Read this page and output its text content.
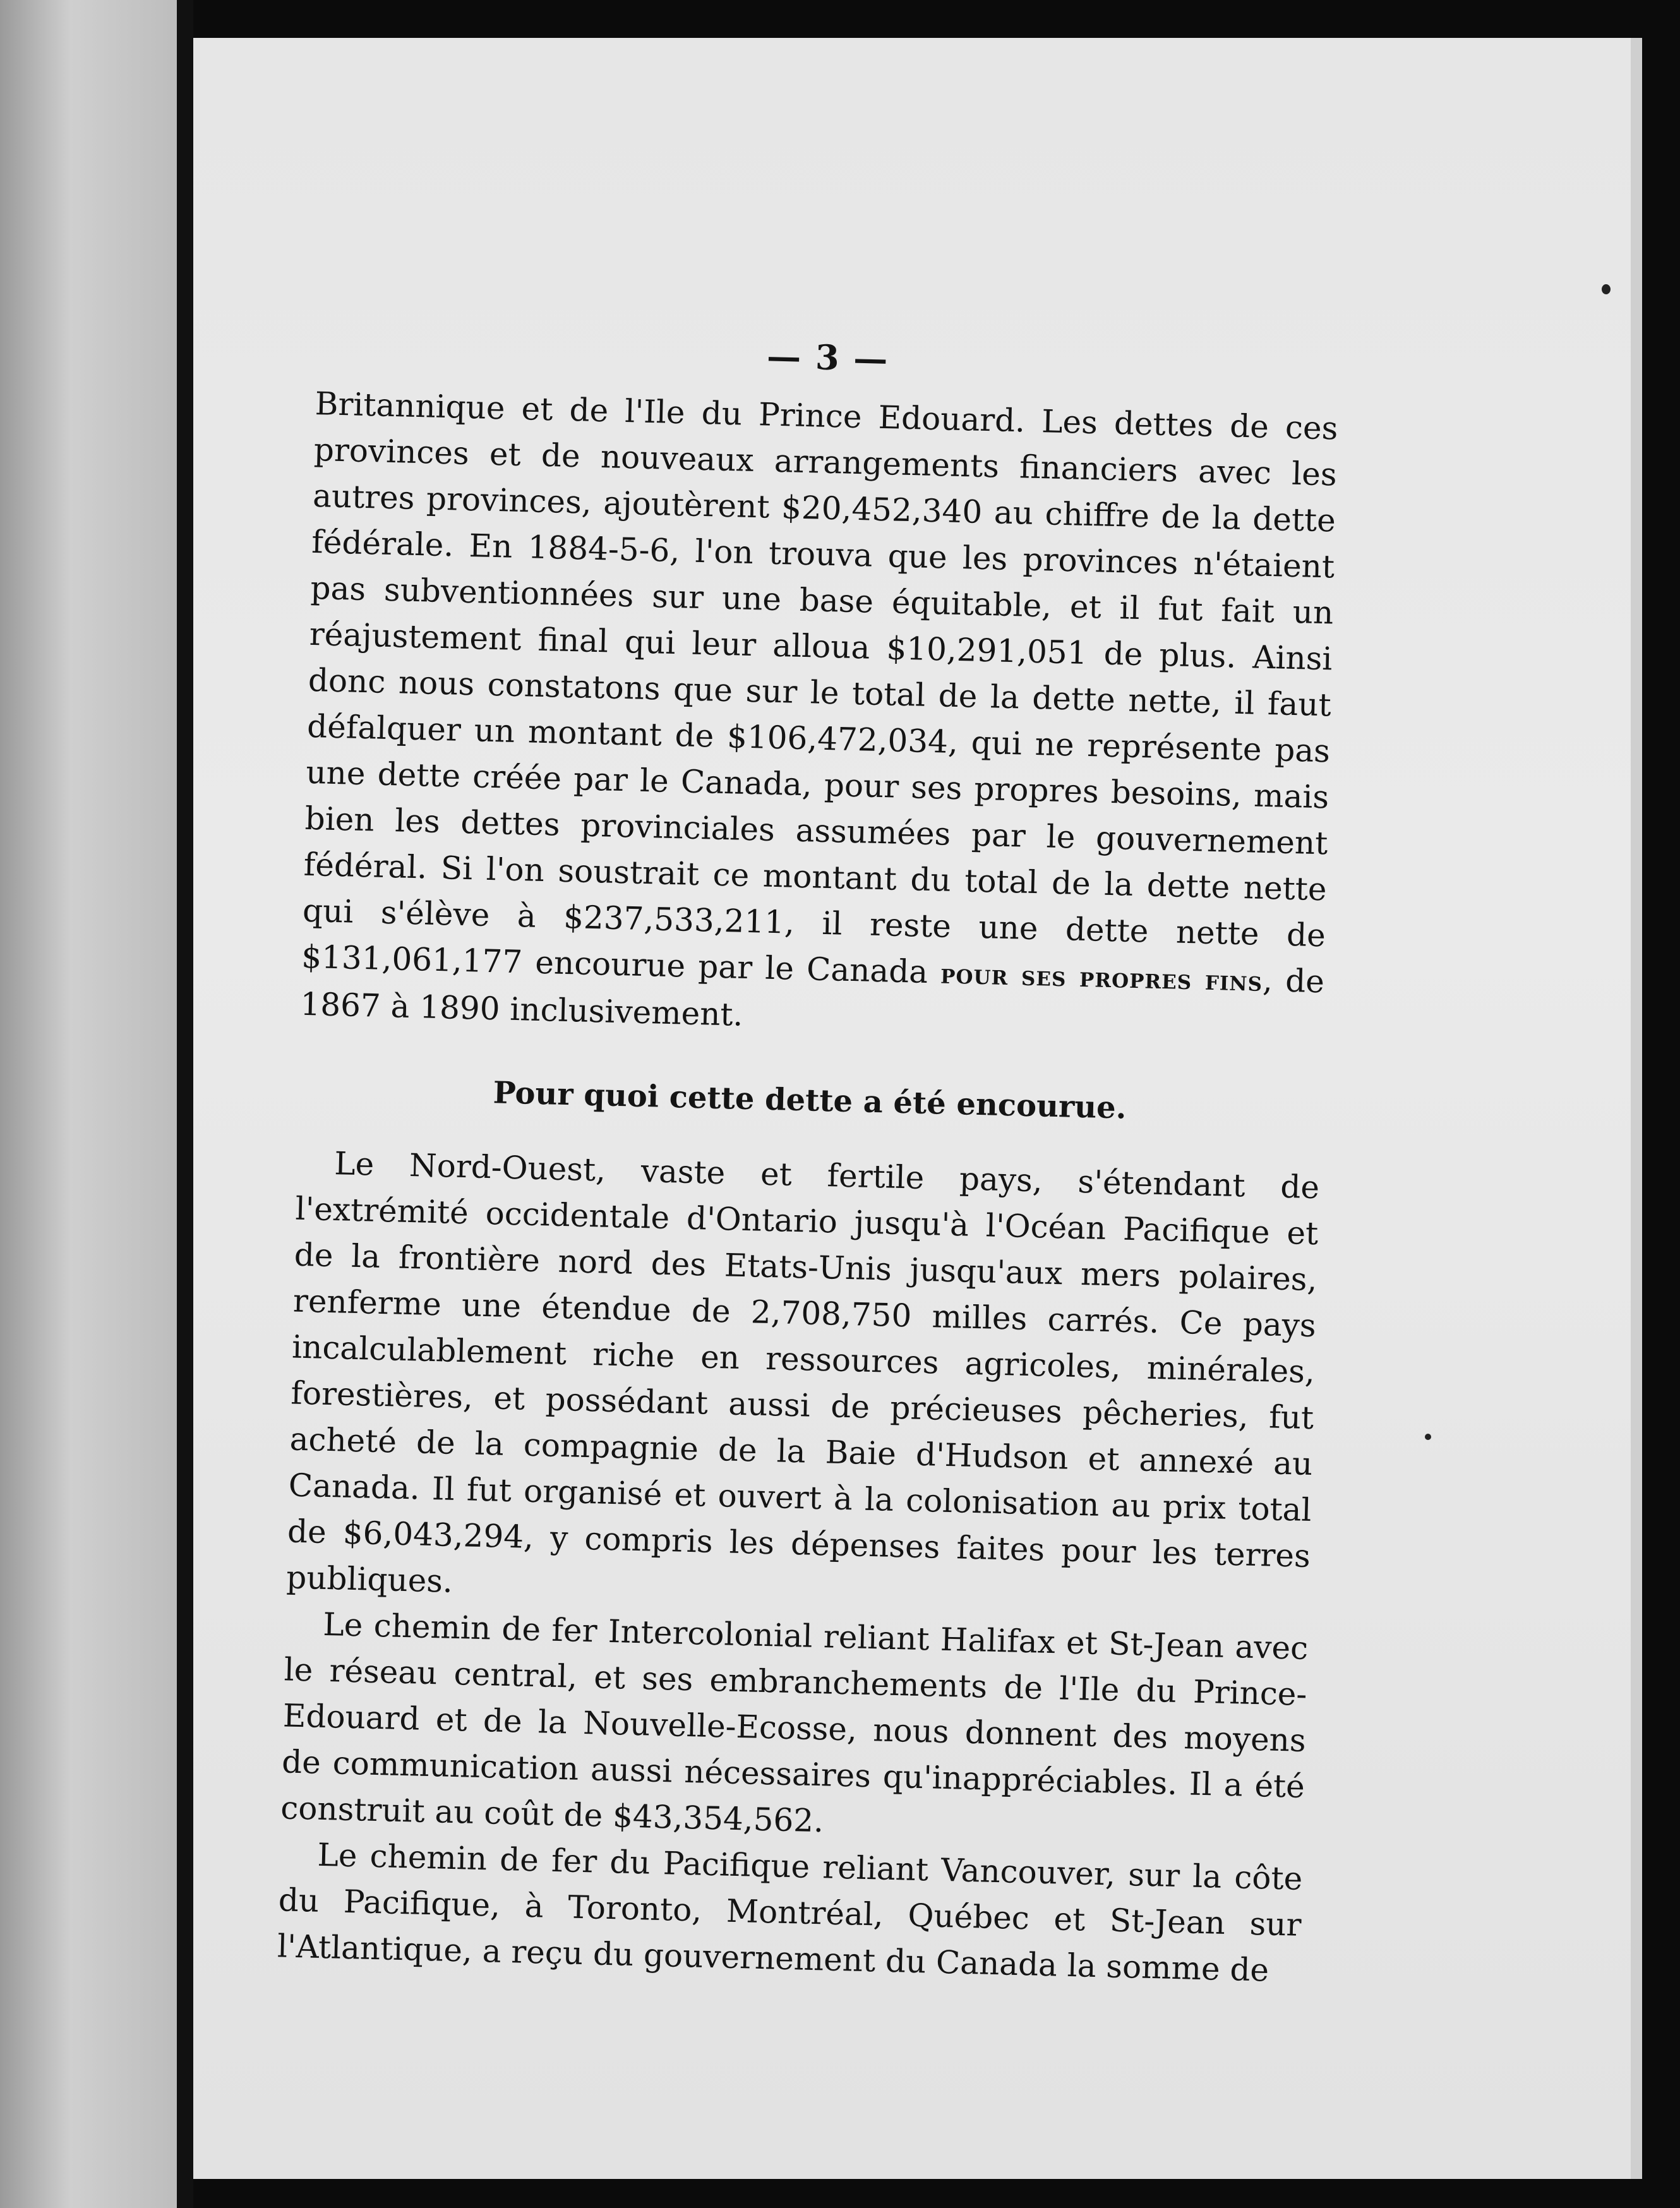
— 3 —

Britannique et de l'Ile du Prince Edouard. Les dettes de ces provinces et de nouveaux arrangements financiers avec les autres provinces, ajoutèrent $20,452,340 au chiffre de la dette fédérale. En 1884-5-6, l'on trouva que les provinces n'étaient pas subventionnées sur une base équitable, et il fut fait un réajustement final qui leur alloua $10,291,051 de plus. Ainsi donc nous constatons que sur le total de la dette nette, il faut défalquer un montant de $106,472,034, qui ne représente pas une dette créée par le Canada, pour ses propres besoins, mais bien les dettes provinciales assumées par le gouvernement fédéral. Si l'on soustrait ce montant du total de la dette nette qui s'élève à $237,533,211, il reste une dette nette de $131,061,177 encourue par le Canada pour ses propres fins, de 1867 à 1890 inclusivement.

Pour quoi cette dette a été encourue.

Le Nord-Ouest, vaste et fertile pays, s'étendant de l'extrémité occidentale d'Ontario jusqu'à l'Océan Pacifique et de la frontière nord des Etats-Unis jusqu'aux mers polaires, renferme une étendue de 2,708,750 milles carrés. Ce pays incalculablement riche en ressources agricoles, minérales, forestières, et possédant aussi de précieuses pêcheries, fut acheté de la compagnie de la Baie d'Hudson et annexé au Canada. Il fut organisé et ouvert à la colonisation au prix total de $6,043,294, y compris les dépenses faites pour les terres publiques.

Le chemin de fer Intercolonial reliant Halifax et St-Jean avec le réseau central, et ses embranchements de l'Ile du Prince-Edouard et de la Nouvelle-Ecosse, nous donnent des moyens de communication aussi nécessaires qu'inappréciables. Il a été construit au coût de $43,354,562.

Le chemin de fer du Pacifique reliant Vancouver, sur la côte du Pacifique, à Toronto, Montréal, Québec et St-Jean sur l'Atlantique, a reçu du gouvernement du Canada la somme de
